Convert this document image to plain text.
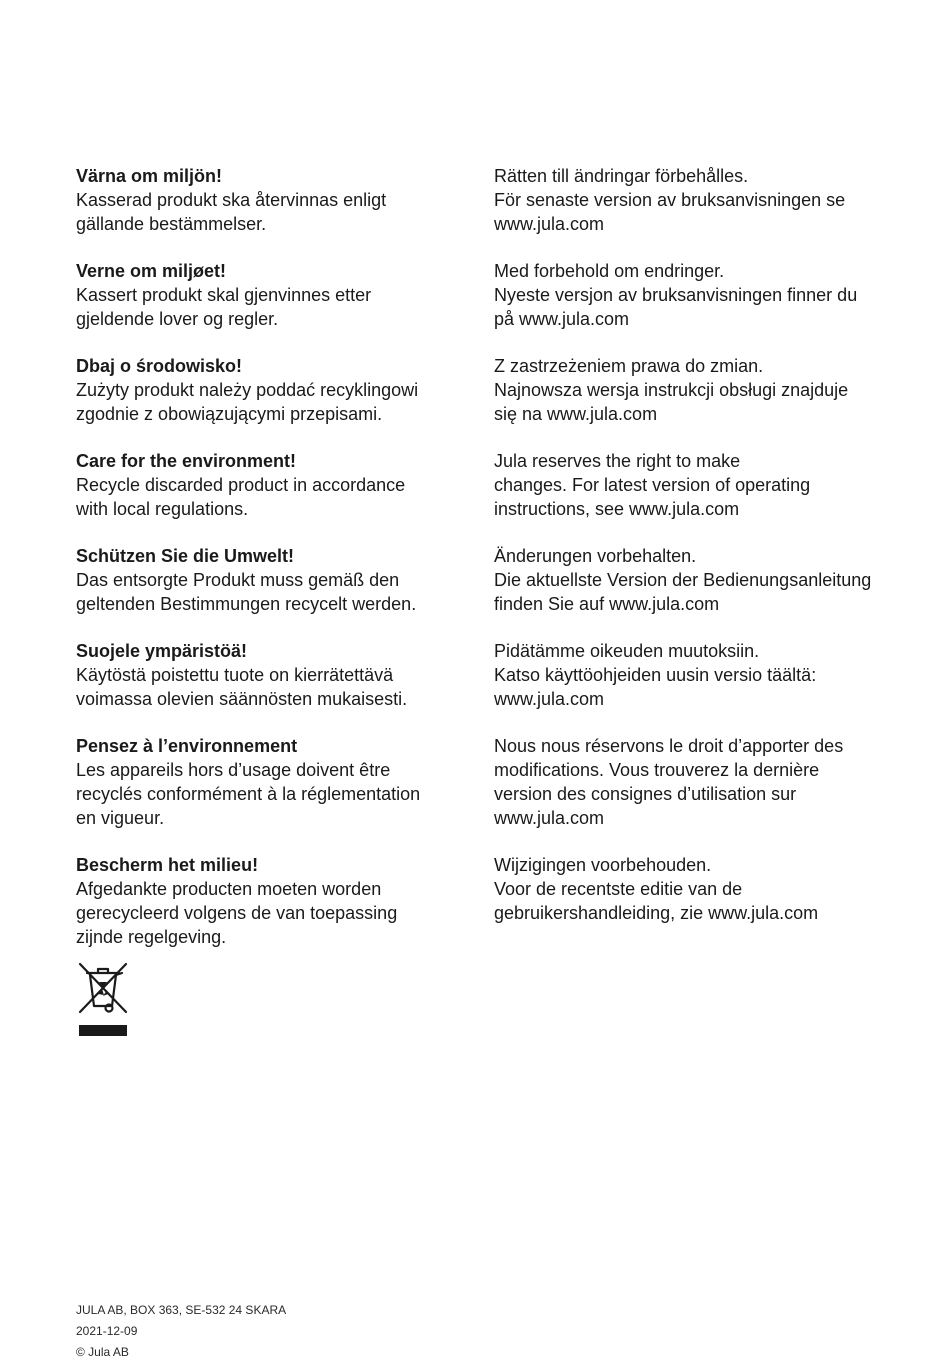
Värna om miljön!
Kasserad produkt ska återvinnas enligt
gällande bestämmelser.
Verne om miljøet!
Kassert produkt skal gjenvinnes etter
gjeldende lover og regler.
Dbaj o środowisko!
Zużyty produkt należy poddać recyklingowi
zgodnie z obowiązującymi przepisami.
Care for the environment!
Recycle discarded product in accordance
with local regulations.
Schützen Sie die Umwelt!
Das entsorgte Produkt muss gemäß den
geltenden Bestimmungen recycelt werden.
Suojele ympäristöä!
Käytöstä poistettu tuote on kierrätettävä
voimassa olevien säännösten mukaisesti.
Pensez à l’environnement
Les appareils hors d’usage doivent être
recyclés conformément à la réglementation
en vigueur.
Bescherm het milieu!
Afgedankte producten moeten worden
gerecycleerd volgens de van toepassing
zijnde regelgeving.
Rätten till ändringar förbehålles.
För senaste version av bruksanvisningen se
www.jula.com
Med forbehold om endringer.
Nyeste versjon av bruksanvisningen finner du
på www.jula.com
Z zastrzeżeniem prawa do zmian.
Najnowsza wersja instrukcji obsługi znajduje
się na www.jula.com
Jula reserves the right to make
changes. For latest version of operating
instructions, see www.jula.com
Änderungen vorbehalten.
Die aktuellste Version der Bedienungsanleitung
finden Sie auf www.jula.com
Pidätämme oikeuden muutoksiin.
Katso käyttöohjeiden uusin versio täältä:
www.jula.com
Nous nous réservons le droit d’apporter des
modifications. Vous trouverez la dernière
version des consignes d’utilisation sur
www.jula.com
Wijzigingen voorbehouden.
Voor de recentste editie van de
gebruikershandleiding, zie www.jula.com
JULA AB, BOX 363, SE-532 24 SKARA
2021-12-09
© Jula AB
